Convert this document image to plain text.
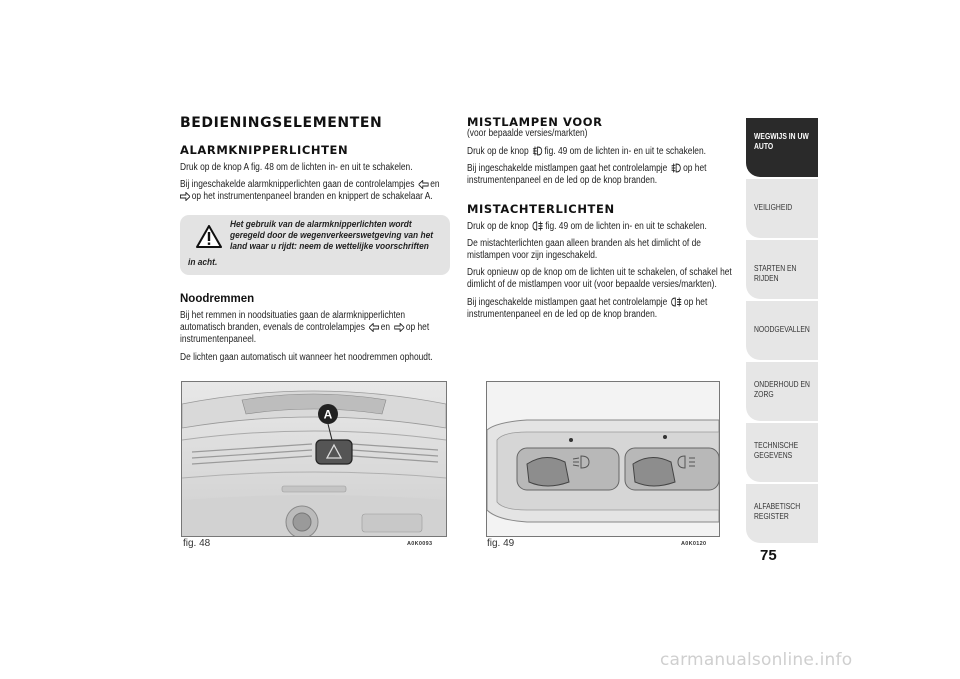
BEDIENINGSELEMENTEN
ALARMKNIPPERLICHTEN
Druk op de knop A fig. 48 om de lichten in- en uit te schakelen.
Bij ingeschakelde alarmknipperlichten gaan de controlelampjes en
op het instrumentenpaneel branden en knippert de schakelaar A.
Het gebruik van de alarmknipperlichten wordt
geregeld door de wegenverkeerswetgeving van het
land waar u rijdt: neem de wettelijke voorschriften
in acht.
Noodremmen
Bij het remmen in noodsituaties gaan de alarmknipperlichten
automatisch branden, evenals de controlelampjes en op het
instrumentenpaneel.
De lichten gaan automatisch uit wanneer het noodremmen ophoudt.
A
fig. 48	A0K0093
MISTLAMPEN VOOR
(voor bepaalde versies/markten)
Druk op de knop fig. 49 om de lichten in- en uit te schakelen.
Bij ingeschakelde mistlampen gaat het controlelampje op het
instrumentenpaneel en de led op de knop branden.
MISTACHTERLICHTEN
Druk op de knop fig. 49 om de lichten in- en uit te schakelen.
De mistachterlichten gaan alleen branden als het dimlicht of de
mistlampen voor zijn ingeschakeld.
Druk opnieuw op de knop om de lichten uit te schakelen, of schakel het
dimlicht of de mistlampen voor uit (voor bepaalde versies/markten).
Bij ingeschakelde mistlampen gaat het controlelampje op het
instrumentenpaneel en de led op de knop branden.
fig. 49	A0K0120
WEGWIJS IN UW
AUTO
VEILIGHEID
STARTEN EN RIJDEN
NOODGEVALLEN
ONDERHOUD EN
ZORG
TECHNISCHE
GEGEVENS
ALFABETISCH
REGISTER
75
carmanualsonline.info
